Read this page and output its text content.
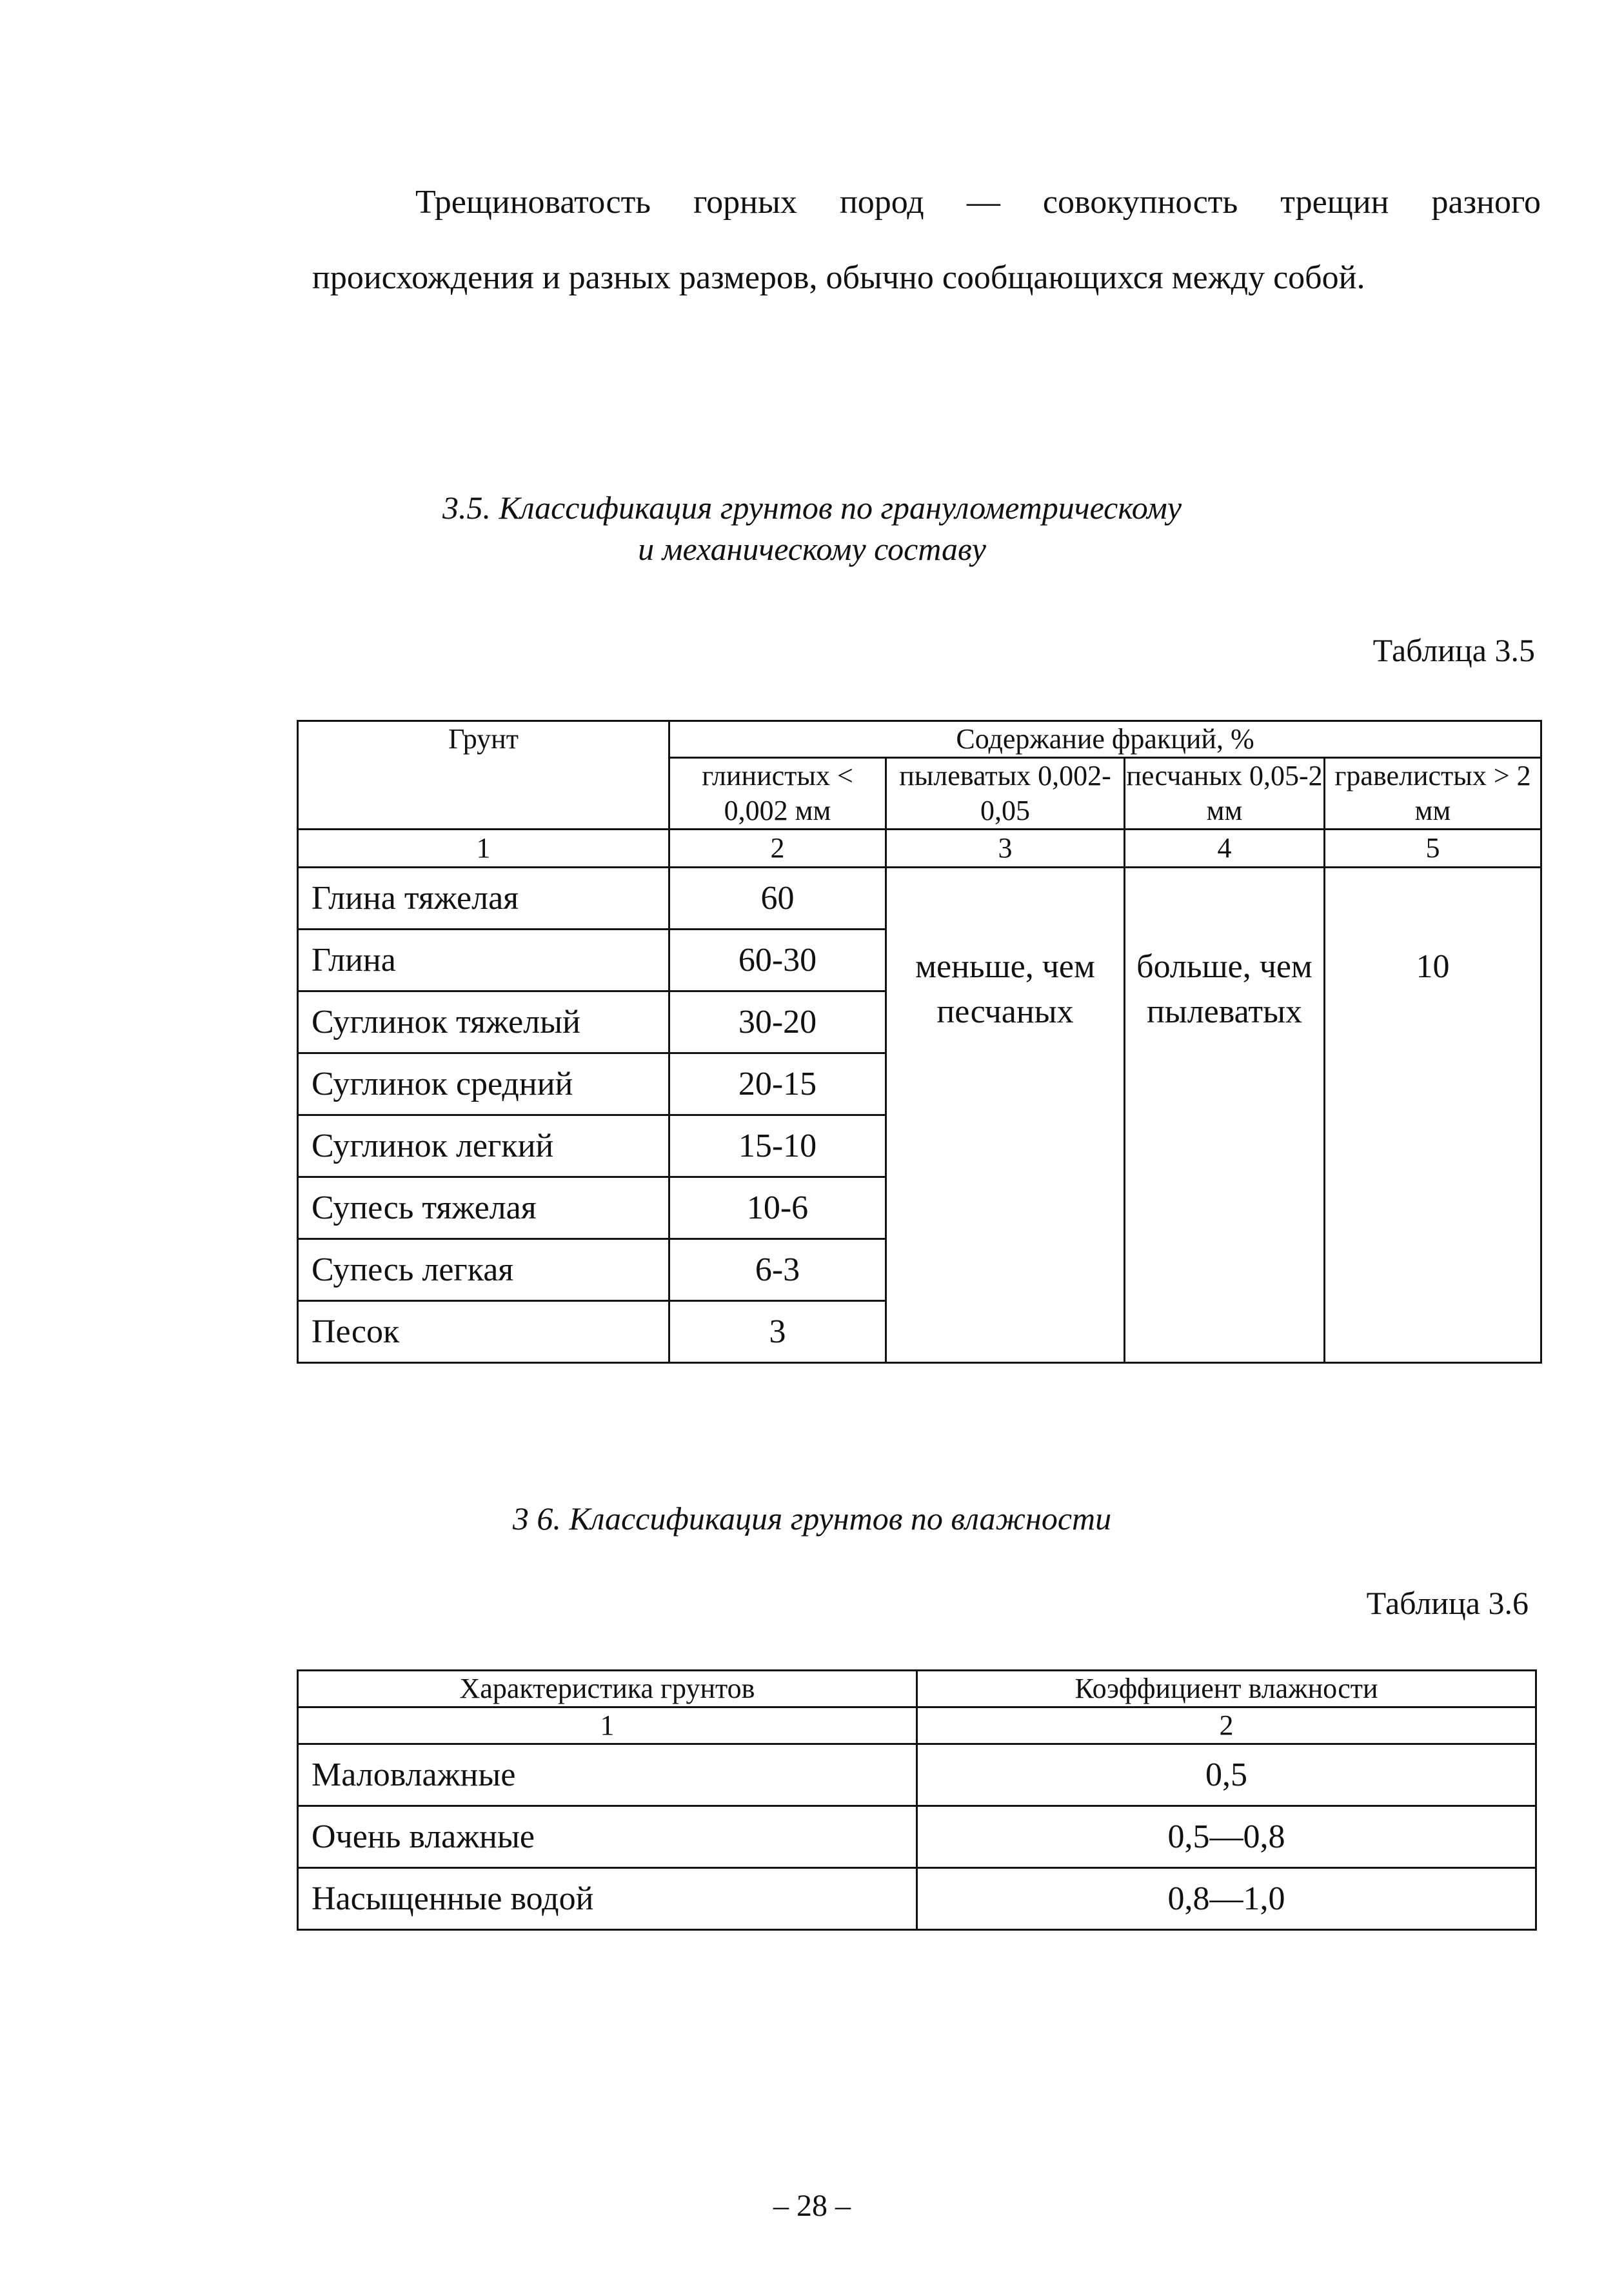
Трещиноватость горных пород — совокупность трещин разного происхождения и разных размеров, обычно сообщающихся между собой.

3.5. Классификация грунтов по гранулометрическому
и механическому составу

Таблица 3.5

Грунт	Содержание фракций, %			
	глинистых < 0,002 мм	пылеватых 0,002-0,05	песчаных 0,05-2 мм	гравелистых > 2 мм
1	2	3	4	5
Глина тяжелая	60	меньше, чем песчаных	больше, чем пылеватых	10
Глина	60-30			
Суглинок тяжелый	30-20			
Суглинок средний	20-15			
Суглинок легкий	15-10			
Супесь тяжелая	10-6			
Супесь легкая	6-3			
Песок	3			
3 6. Классификация грунтов по влажности

Таблица 3.6

Характеристика грунтов	Коэффициент влажности
1	2
Маловлажные	0,5
Очень влажные	0,5—0,8
Насыщенные водой	0,8—1,0

– 28 –
